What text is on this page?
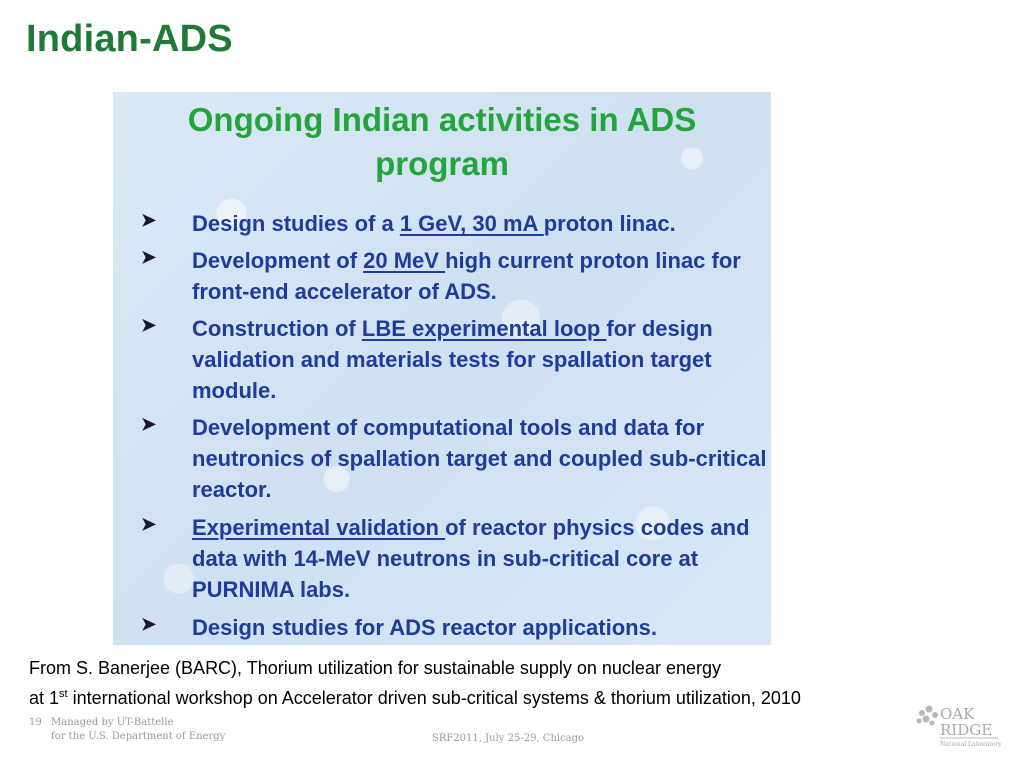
Indian-ADS
Ongoing Indian activities in ADS
program
➤ Design studies of a 1 GeV, 30 mA proton linac.
➤ Development of 20 MeV high current proton linac for front-end accelerator of ADS.
➤ Construction of LBE experimental loop for design validation and materials tests for spallation target module.
➤ Development of computational tools and data for neutronics of spallation target and coupled sub-critical reactor.
➤ Experimental validation of reactor physics codes and data with 14-MeV neutrons in sub-critical core at PURNIMA labs.
➤ Design studies for ADS reactor applications.
From S. Banerjee (BARC), Thorium utilization for sustainable supply on nuclear energy
at 1st international workshop on Accelerator driven sub-critical systems & thorium utilization, 2010
19 Managed by UT-Battelle
for the U.S. Department of Energy	SRF2011, July 25-29, Chicago
OAK
RIDGE
National Laboratory
